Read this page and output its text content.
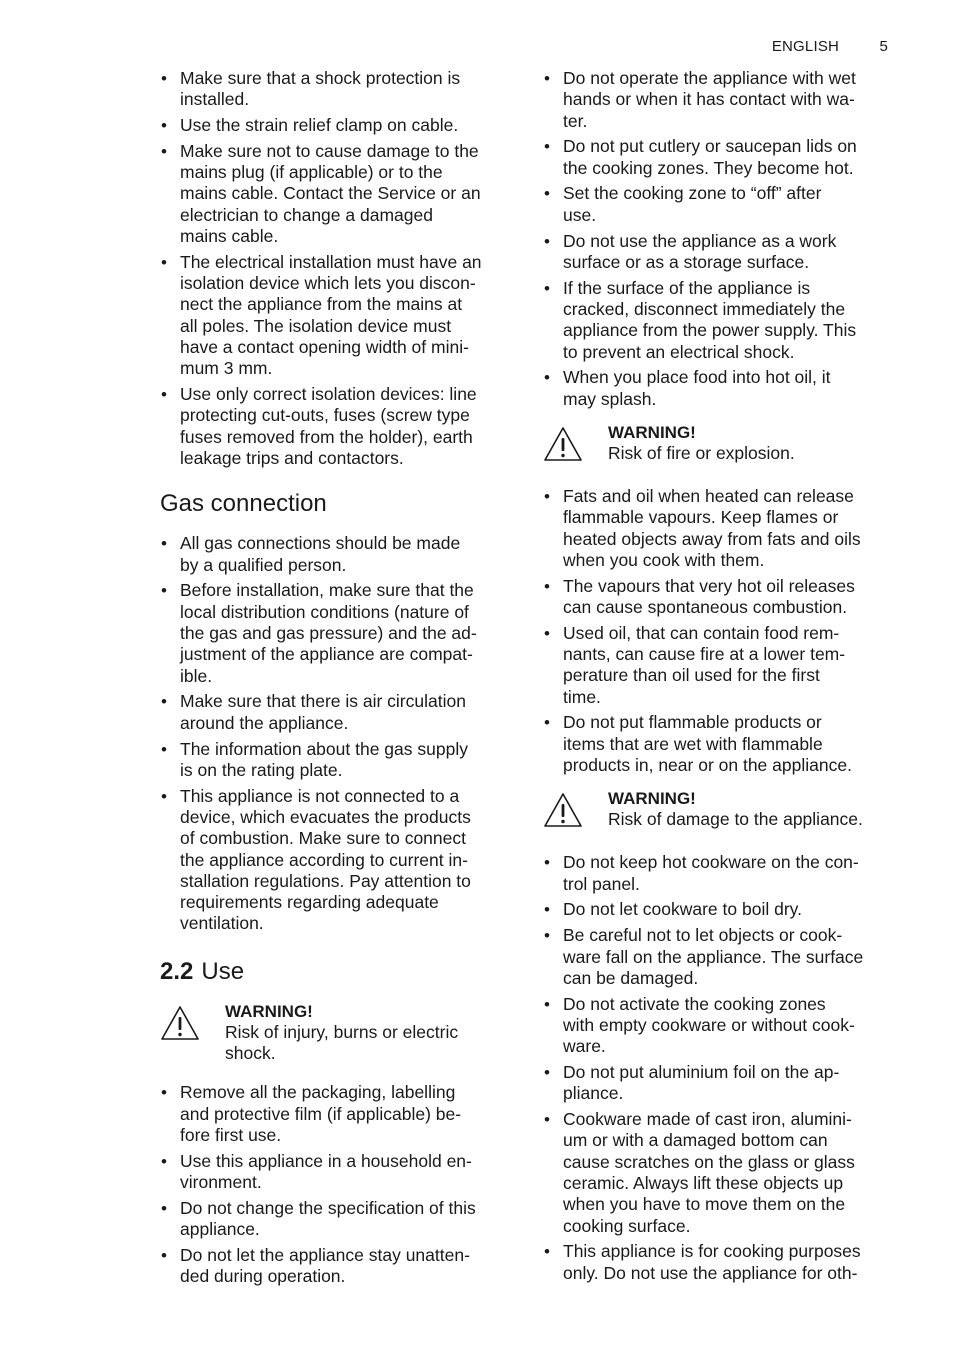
ENGLISH	5
• Make sure that a shock protection is
installed.
• Use the strain relief clamp on cable.
• Make sure not to cause damage to the
mains plug (if applicable) or to the
mains cable. Contact the Service or an
electrician to change a damaged
mains cable.
• The electrical installation must have an
isolation device which lets you discon-
nect the appliance from the mains at
all poles. The isolation device must
have a contact opening width of mini-
mum 3 mm.
• Use only correct isolation devices: line
protecting cut-outs, fuses (screw type
fuses removed from the holder), earth
leakage trips and contactors.
Gas connection
• All gas connections should be made
by a qualified person.
• Before installation, make sure that the
local distribution conditions (nature of
the gas and gas pressure) and the ad-
justment of the appliance are compat-
ible.
• Make sure that there is air circulation
around the appliance.
• The information about the gas supply
is on the rating plate.
• This appliance is not connected to a
device, which evacuates the products
of combustion. Make sure to connect
the appliance according to current in-
stallation regulations. Pay attention to
requirements regarding adequate
ventilation.
2.2 Use
WARNING!
Risk of injury, burns or electric
shock.
• Remove all the packaging, labelling
and protective film (if applicable) be-
fore first use.
• Use this appliance in a household en-
vironment.
• Do not change the specification of this
appliance.
• Do not let the appliance stay unatten-
ded during operation.
• Do not operate the appliance with wet
hands or when it has contact with wa-
ter.
• Do not put cutlery or saucepan lids on
the cooking zones. They become hot.
• Set the cooking zone to “off” after
use.
• Do not use the appliance as a work
surface or as a storage surface.
• If the surface of the appliance is
cracked, disconnect immediately the
appliance from the power supply. This
to prevent an electrical shock.
• When you place food into hot oil, it
may splash.
WARNING!
Risk of fire or explosion.
• Fats and oil when heated can release
flammable vapours. Keep flames or
heated objects away from fats and oils
when you cook with them.
• The vapours that very hot oil releases
can cause spontaneous combustion.
• Used oil, that can contain food rem-
nants, can cause fire at a lower tem-
perature than oil used for the first
time.
• Do not put flammable products or
items that are wet with flammable
products in, near or on the appliance.
WARNING!
Risk of damage to the appliance.
• Do not keep hot cookware on the con-
trol panel.
• Do not let cookware to boil dry.
• Be careful not to let objects or cook-
ware fall on the appliance. The surface
can be damaged.
• Do not activate the cooking zones
with empty cookware or without cook-
ware.
• Do not put aluminium foil on the ap-
pliance.
• Cookware made of cast iron, alumini-
um or with a damaged bottom can
cause scratches on the glass or glass
ceramic. Always lift these objects up
when you have to move them on the
cooking surface.
• This appliance is for cooking purposes
only. Do not use the appliance for oth-
